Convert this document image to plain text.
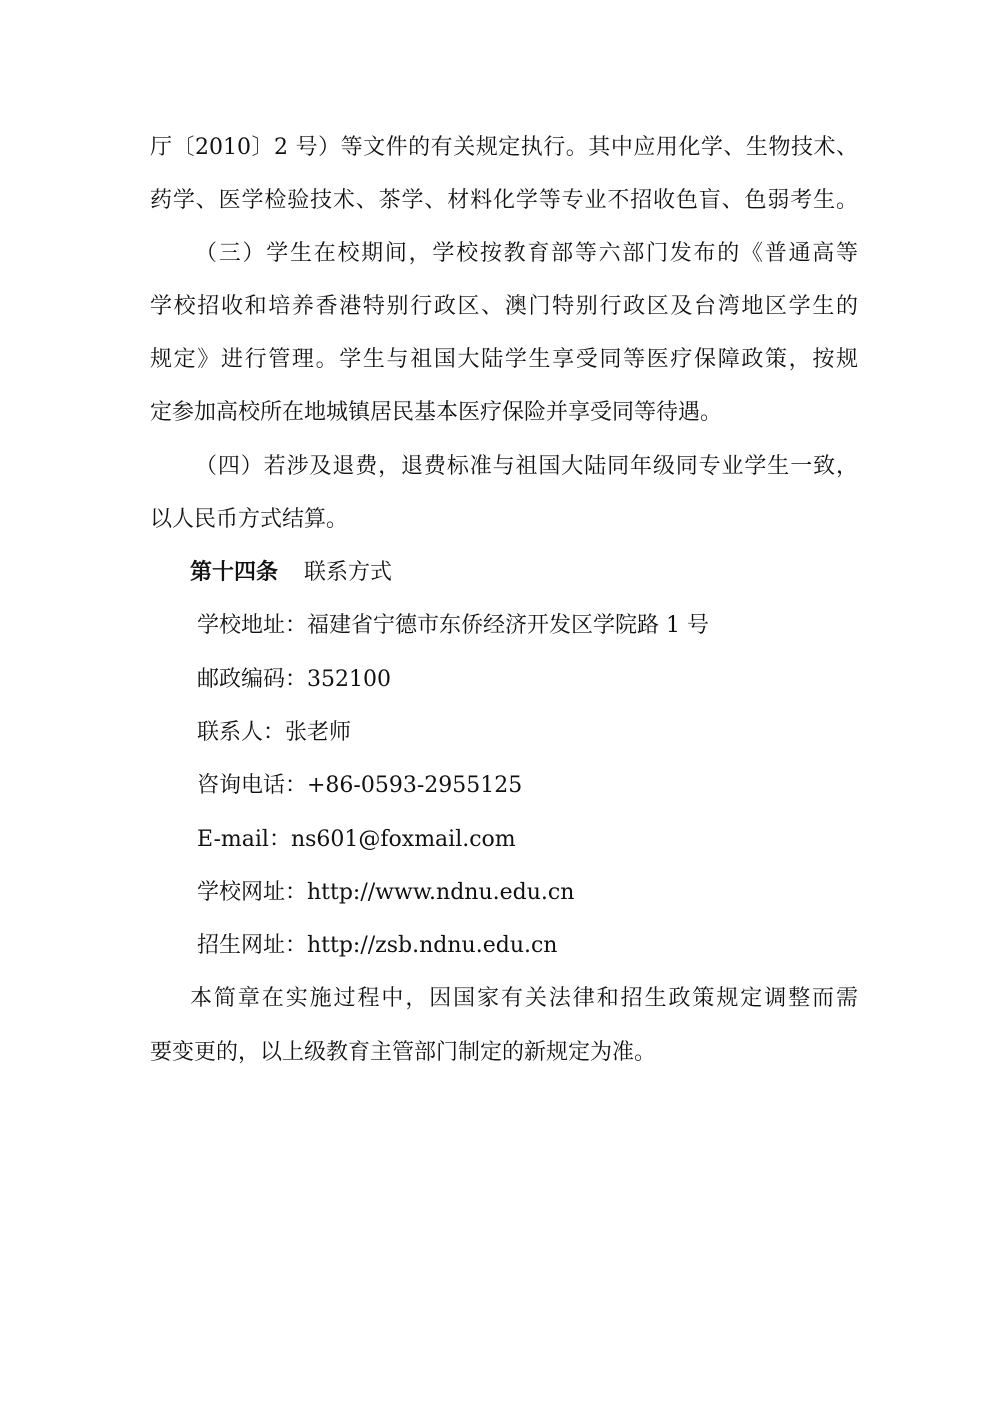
厅〔2010〕2 号）等文件的有关规定执行。其中应用化学、生物技术、
药学、医学检验技术、茶学、材料化学等专业不招收色盲、色弱考生。
（三）学生在校期间，学校按教育部等六部门发布的《普通高等
学校招收和培养香港特别行政区、澳门特别行政区及台湾地区学生的
规定》进行管理。学生与祖国大陆学生享受同等医疗保障政策，按规
定参加高校所在地城镇居民基本医疗保险并享受同等待遇。
（四）若涉及退费，退费标准与祖国大陆同年级同专业学生一致，
以人民币方式结算。
第十四条 联系方式
学校地址：福建省宁德市东侨经济开发区学院路 1 号
邮政编码：352100
联系人：张老师
咨询电话：+86-0593-2955125
E-mail：ns601@foxmail.com
学校网址：http://www.ndnu.edu.cn
招生网址：http://zsb.ndnu.edu.cn
本简章在实施过程中，因国家有关法律和招生政策规定调整而需
要变更的，以上级教育主管部门制定的新规定为准。
